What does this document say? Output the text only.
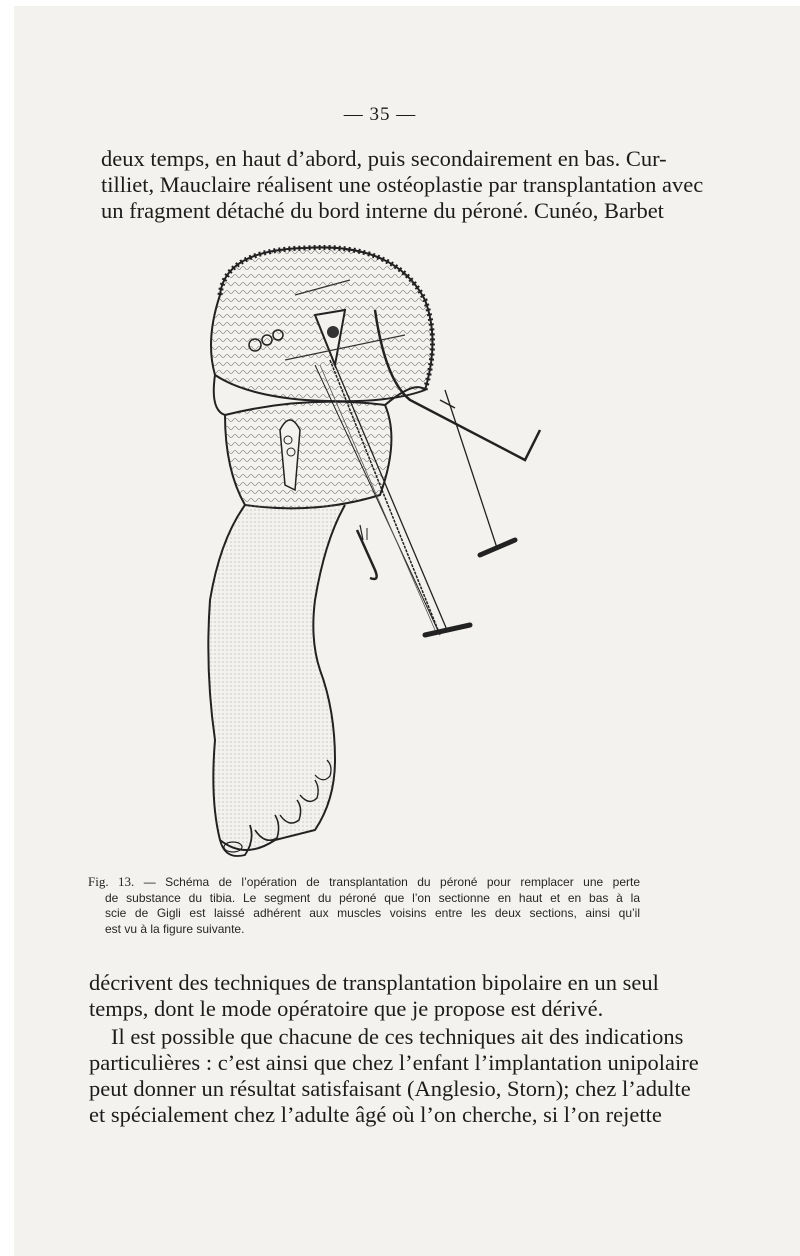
— 35 —

deux temps, en haut d’abord, puis secondairement en bas. Cur-
tilliet, Mauclaire réalisent une ostéoplastie par transplantation avec
un fragment détaché du bord interne du péroné. Cunéo, Barbet

Fig. 13. — Schéma de l’opération de transplantation du péroné pour remplacer une perte
de substance du tibia. Le segment du péroné que l’on sectionne en haut et en bas à la
scie de Gigli est laissé adhérent aux muscles voisins entre les deux sections, ainsi qu’il
est vu à la figure suivante.

décrivent des techniques de transplantation bipolaire en un seul
temps, dont le mode opératoire que je propose est dérivé.

Il est possible que chacune de ces techniques ait des indications
particulières : c’est ainsi que chez l’enfant l’implantation unipolaire
peut donner un résultat satisfaisant (Anglesio, Storn); chez l’adulte
et spécialement chez l’adulte âgé où l’on cherche, si l’on rejette
